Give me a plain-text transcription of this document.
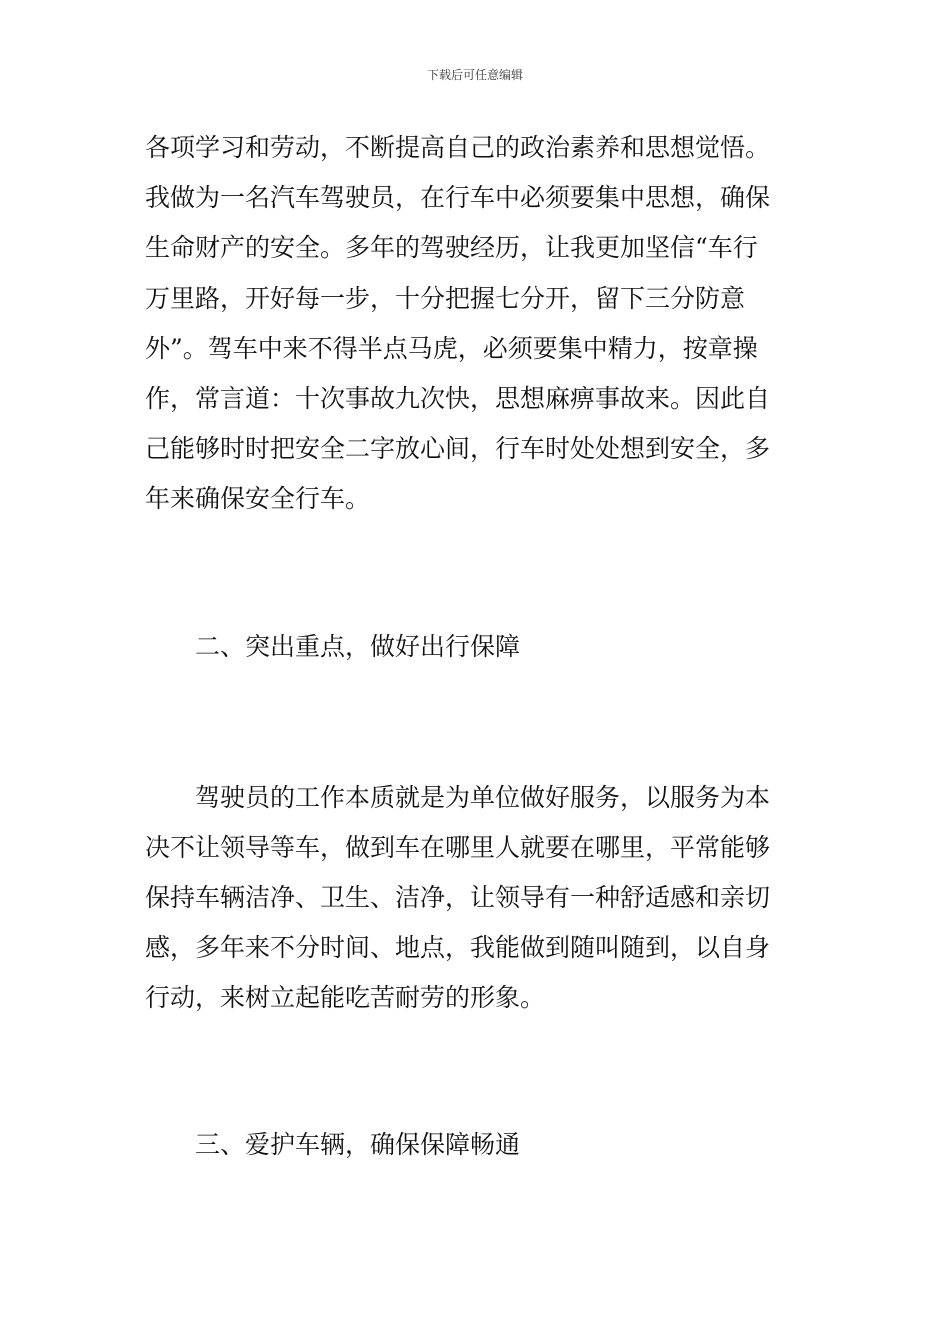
下载后可任意编辑
各项学习和劳动，不断提高自己的政治素养和思想觉悟。
我做为一名汽车驾驶员，在行车中必须要集中思想，确保
生命财产的安全。多年的驾驶经历，让我更加坚信“车行
万里路，开好每一步，十分把握七分开，留下三分防意
外”。驾车中来不得半点马虎，必须要集中精力，按章操
作，常言道：十次事故九次快，思想麻痹事故来。因此自
己能够时时把安全二字放心间，行车时处处想到安全，多
年来确保安全行车。
二、突出重点，做好出行保障
驾驶员的工作本质就是为单位做好服务，以服务为本
决不让领导等车，做到车在哪里人就要在哪里，平常能够
保持车辆洁净、卫生、洁净，让领导有一种舒适感和亲切
感，多年来不分时间、地点，我能做到随叫随到，以自身
行动，来树立起能吃苦耐劳的形象。
三、爱护车辆，确保保障畅通
